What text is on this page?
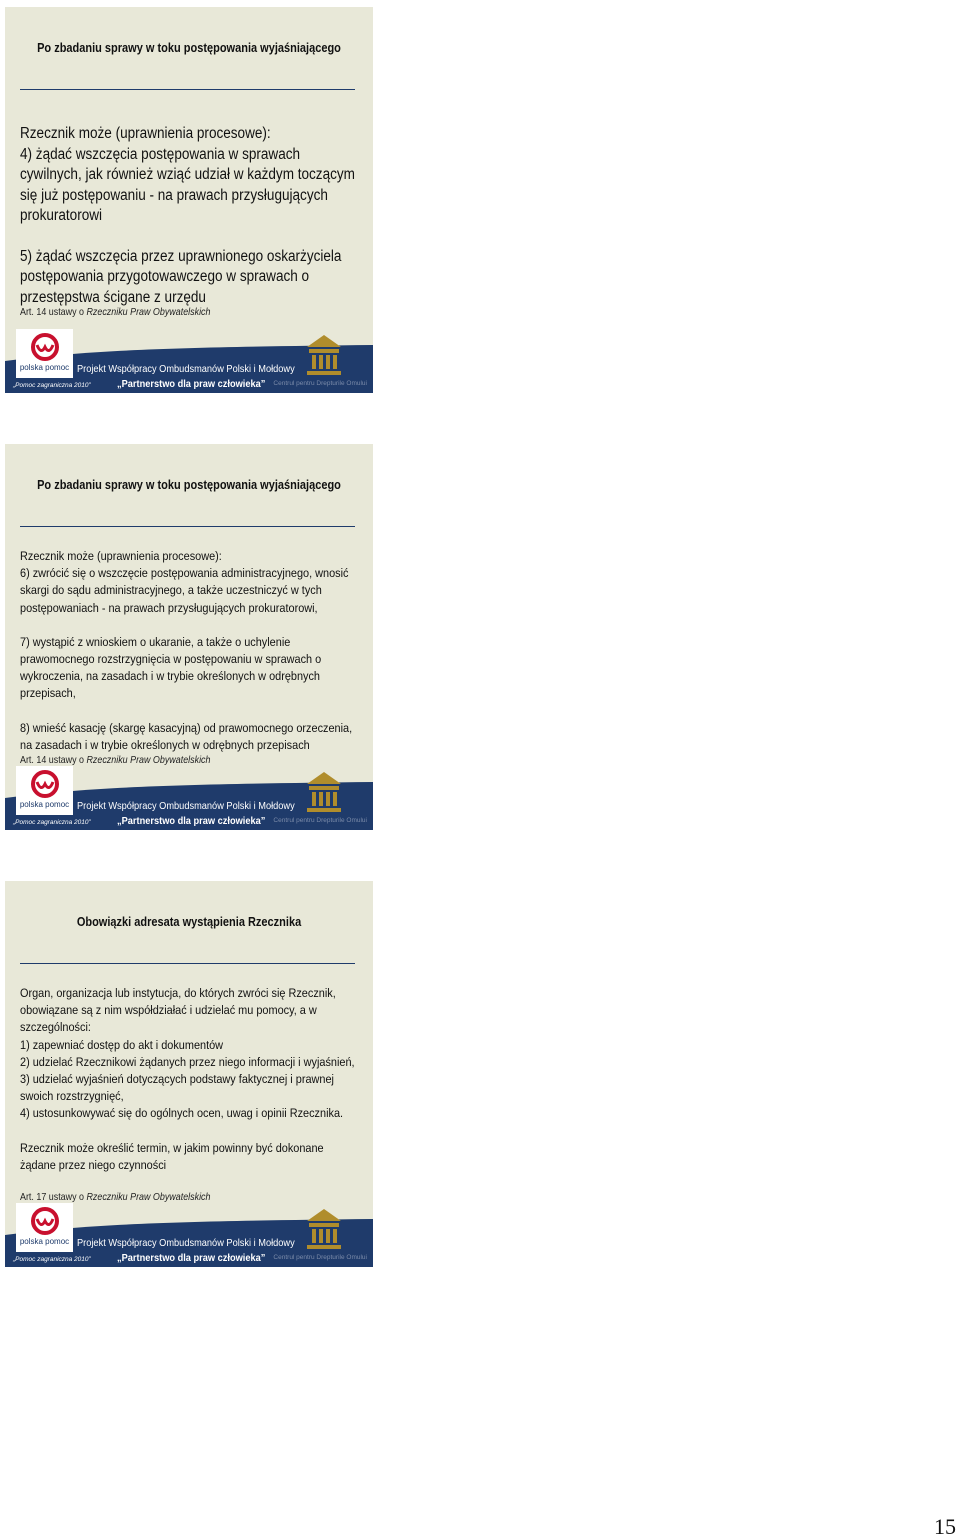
Po zbadaniu sprawy w toku postępowania wyjaśniającego

Rzecznik może (uprawnienia procesowe):

4) żądać wszczęcia postępowania w sprawach cywilnych, jak również wziąć udział w każdym toczącym się już postępowaniu - na prawach przysługujących prokuratorowi

5) żądać wszczęcia przez uprawnionego oskarżyciela postępowania przygotowawczego w sprawach o przestępstwa ścigane z urzędu

Art. 14 ustawy o Rzeczniku Praw Obywatelskich
polska pomoc Projekt Współpracy Ombudsmanów Polski i Mołdowy
„Partnerstwo dla praw człowieka”
„Pomoc zagraniczna 2010”	Centrul pentru Drepturile Omului
Po zbadaniu sprawy w toku postępowania wyjaśniającego

Rzecznik może (uprawnienia procesowe):

6) zwrócić się o wszczęcie postępowania administracyjnego, wnosić skargi do sądu administracyjnego, a także uczestniczyć w tych postępowaniach - na prawach przysługujących prokuratorowi,

7) wystąpić z wnioskiem o ukaranie, a także o uchylenie prawomocnego rozstrzygnięcia w postępowaniu w sprawach o wykroczenia, na zasadach i w trybie określonych w odrębnych przepisach,

8) wnieść kasację (skargę kasacyjną) od prawomocnego orzeczenia, na zasadach i w trybie określonych w odrębnych przepisach

Art. 14 ustawy o Rzeczniku Praw Obywatelskich
polska pomoc Projekt Współpracy Ombudsmanów Polski i Mołdowy
„Partnerstwo dla praw człowieka”
„Pomoc zagraniczna 2010”	Centrul pentru Drepturile Omului
Obowiązki adresata wystąpienia Rzecznika

Organ, organizacja lub instytucja, do których zwróci się Rzecznik, obowiązane są z nim współdziałać i udzielać mu pomocy, a w szczególności:

1) zapewniać dostęp do akt i dokumentów

2) udzielać Rzecznikowi żądanych przez niego informacji i wyjaśnień,

3) udzielać wyjaśnień dotyczących podstawy faktycznej i prawnej swoich rozstrzygnięć,

4) ustosunkowywać się do ogólnych ocen, uwag i opinii Rzecznika.

Rzecznik może określić termin, w jakim powinny być dokonane żądane przez niego czynności

Art. 17 ustawy o Rzeczniku Praw Obywatelskich
polska pomoc Projekt Współpracy Ombudsmanów Polski i Mołdowy
„Partnerstwo dla praw człowieka”
„Pomoc zagraniczna 2010”	Centrul pentru Drepturile Omului
15
